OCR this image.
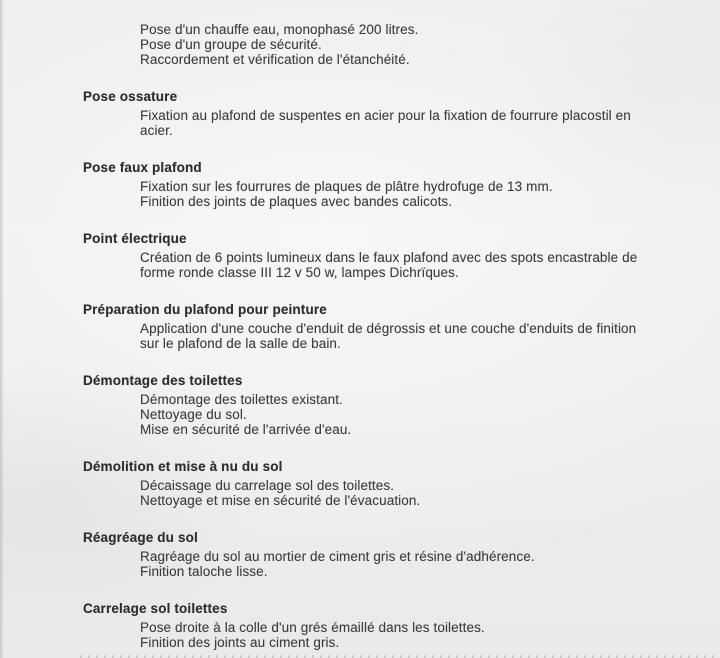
Pose d'un chauffe eau, monophasé 200 litres.
Pose d'un groupe de sécurité.
Raccordement et vérification de l'étanchéité.
Pose ossature
Fixation au plafond de suspentes en acier pour la fixation de fourrure placostil en
acier.
Pose faux plafond
Fixation sur les fourrures de plaques de plâtre hydrofuge de 13 mm.
Finition des joints de plaques avec bandes calicots.
Point électrique
Création de 6 points lumineux dans le faux plafond avec des spots encastrable de
forme ronde classe III 12 v 50 w, lampes Dichrïques.
Préparation du plafond pour peinture
Application d'une couche d'enduit de dégrossis et une couche d'enduits de finition
sur le plafond de la salle de bain.
Démontage des toilettes
Démontage des toilettes existant.
Nettoyage du sol.
Mise en sécurité de l'arrivée d'eau.
Démolition et mise à nu du sol
Décaissage du carrelage sol des toilettes.
Nettoyage et mise en sécurité de l'évacuation.
Réagréage du sol
Ragréage du sol au mortier de ciment gris et résine d'adhérence.
Finition taloche lisse.
Carrelage sol toilettes
Pose droite à la colle d'un grés émaillé dans les toilettes.
Finition des joints au ciment gris.
